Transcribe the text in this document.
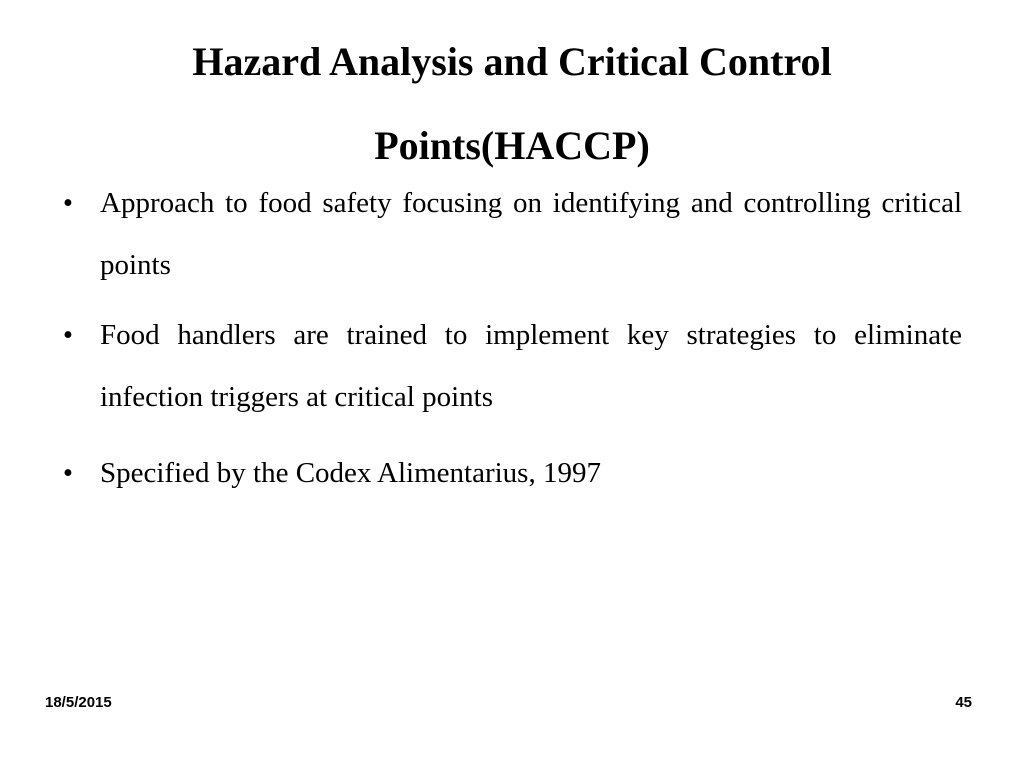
Hazard Analysis and Critical Control
Points(HACCP)
• Approach to food safety focusing on identifying and controlling critical points
• Food handlers are trained to implement key strategies to eliminate infection triggers at critical points
• Specified by the Codex Alimentarius, 1997
18/5/2015	45
